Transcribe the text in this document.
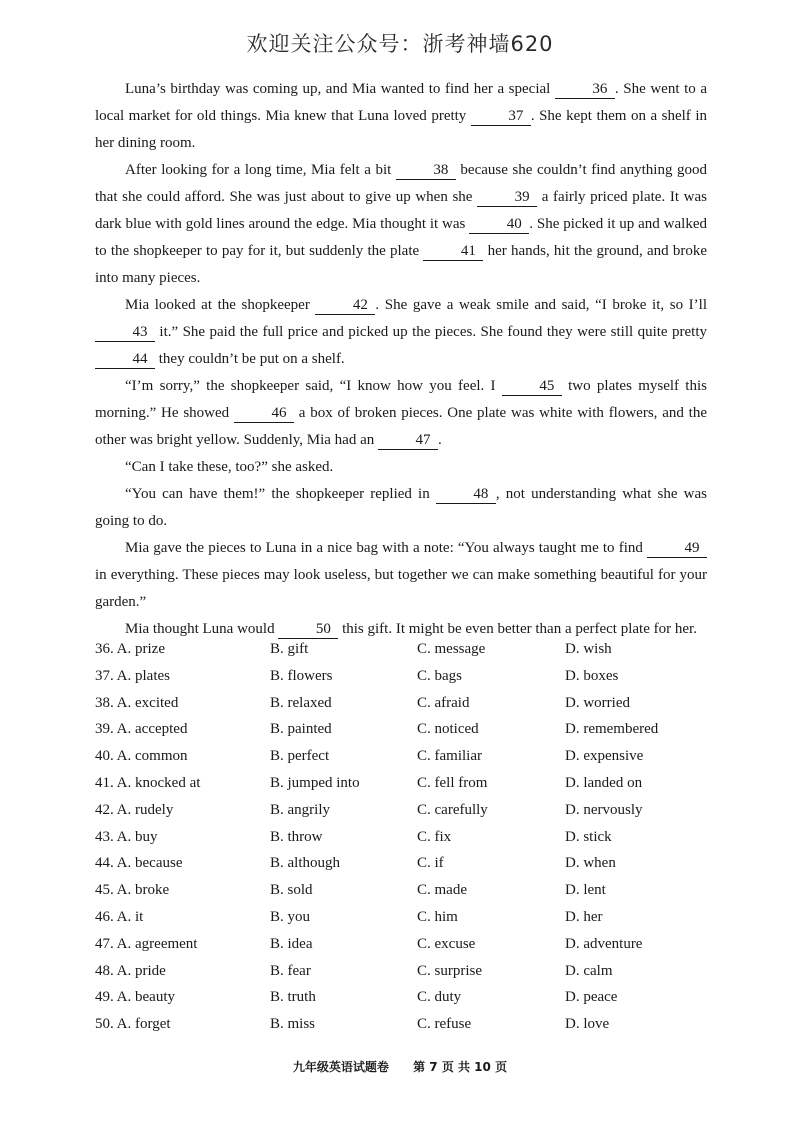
欢迎关注公众号：浙考神墙620

Luna’s birthday was coming up, and Mia wanted to find her a special	36 . She went to a local market for old things. Mia knew that Luna loved pretty	37 . She kept them on a shelf in her dining room.

After looking for a long time, Mia felt a bit	38 because she couldn’t find anything good that she could afford. She was just about to give up when she	39 a fairly priced plate. It was dark blue with gold lines around the edge. Mia thought it was	40 . She picked it up and walked to the shopkeeper to pay for it, but suddenly the plate	41 her hands, hit the ground, and broke into many pieces.

Mia looked at the shopkeeper	42 . She gave a weak smile and said, “I broke it, so I’ll 43 it.” She paid the full price and picked up the pieces. She found they were still quite pretty 44 they couldn’t be put on a shelf.

“I’m sorry,” the shopkeeper said, “I know how you feel. I	45 two plates myself this morning.” He showed	46 a box of broken pieces. One plate was white with flowers, and the other was bright yellow. Suddenly, Mia had an	47 .

“Can I take these, too?” she asked.

“You can have them!” the shopkeeper replied in	48 , not understanding what she was going to do.

Mia gave the pieces to Luna in a nice bag with a note: “You always taught me to find	49 in everything. These pieces may look useless, but together we can make something beautiful for your garden.”

Mia thought Luna would	50 this gift. It might be even better than a perfect plate for her.

36. A. prize	B. gift	C. message	D. wish
37. A. plates	B. flowers	C. bags	D. boxes
38. A. excited	B. relaxed	C. afraid	D. worried
39. A. accepted	B. painted	C. noticed	D. remembered
40. A. common	B. perfect	C. familiar	D. expensive
41. A. knocked at	B. jumped into	C. fell from	D. landed on
42. A. rudely	B. angrily	C. carefully	D. nervously
43. A. buy	B. throw	C. fix	D. stick
44. A. because	B. although	C. if	D. when
45. A. broke	B. sold	C. made	D. lent
46. A. it	B. you	C. him	D. her
47. A. agreement	B. idea	C. excuse	D. adventure
48. A. pride	B. fear	C. surprise	D. calm
49. A. beauty	B. truth	C. duty	D. peace
50. A. forget	B. miss	C. refuse	D. love
九年级英语试题卷 第 7 页 共 10 页
